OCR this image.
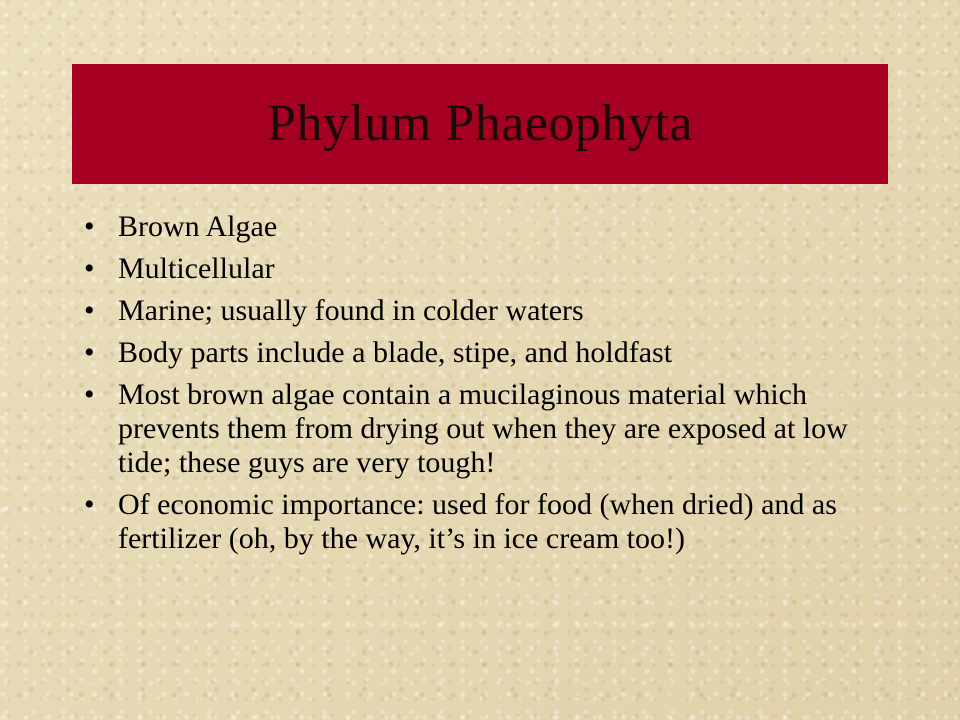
Phylum Phaeophyta
• Brown Algae
• Multicellular
• Marine; usually found in colder waters
• Body parts include a blade, stipe, and holdfast
• Most brown algae contain a mucilaginous material which prevents them from drying out when they are exposed at low tide; these guys are very tough!
• Of economic importance: used for food (when dried) and as fertilizer (oh, by the way, it’s in ice cream too!)
